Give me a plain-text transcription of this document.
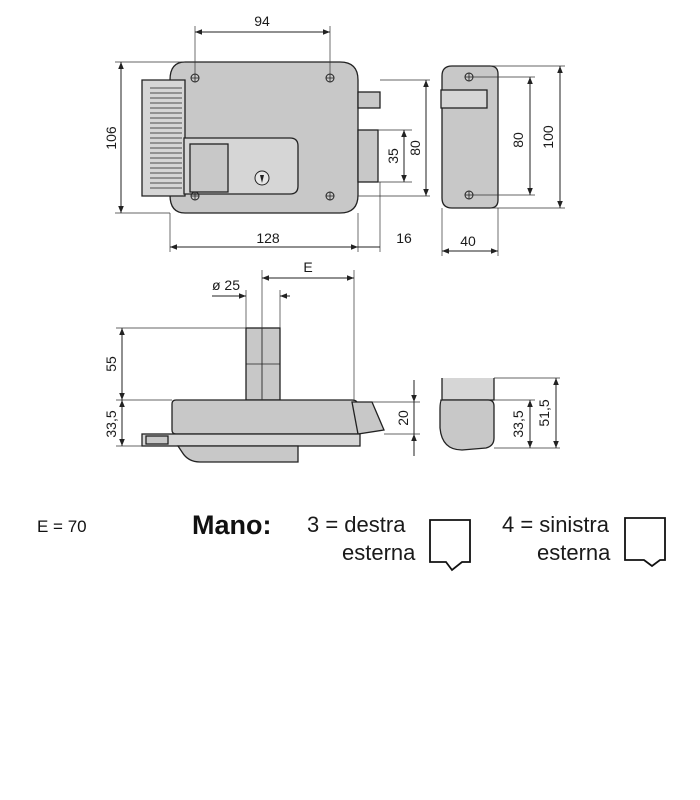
94
106
35
80
128	16
80 100
40
E
ø 25
55
33,5	20	33,5 51,5
E = 70	Mano: 3 = destra
esterna
4 = sinistra
esterna
